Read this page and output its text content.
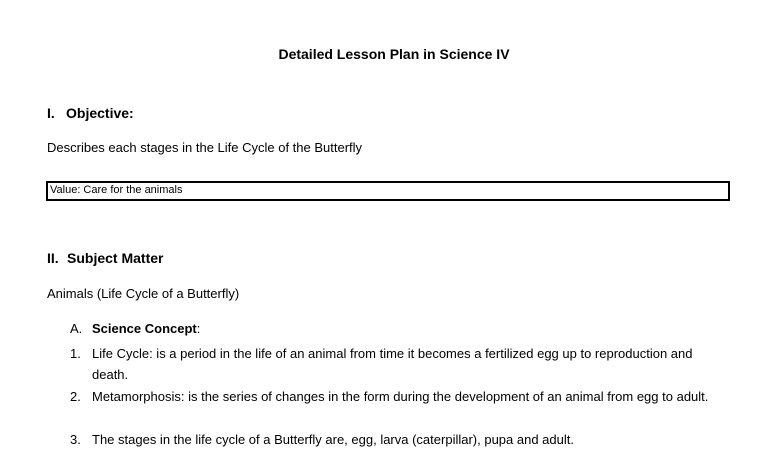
Detailed Lesson Plan in Science IV
I. Objective:
Describes each stages in the Life Cycle of the Butterfly
Value: Care for the animals
II. Subject Matter
Animals (Life Cycle of a Butterfly)
A. Science Concept:
1. Life Cycle: is a period in the life of an animal from time it becomes a fertilized egg up to reproduction and death.
2. Metamorphosis: is the series of changes in the form during the development of an animal from egg to adult.
3. The stages in the life cycle of a Butterfly are, egg, larva (caterpillar), pupa and adult.
